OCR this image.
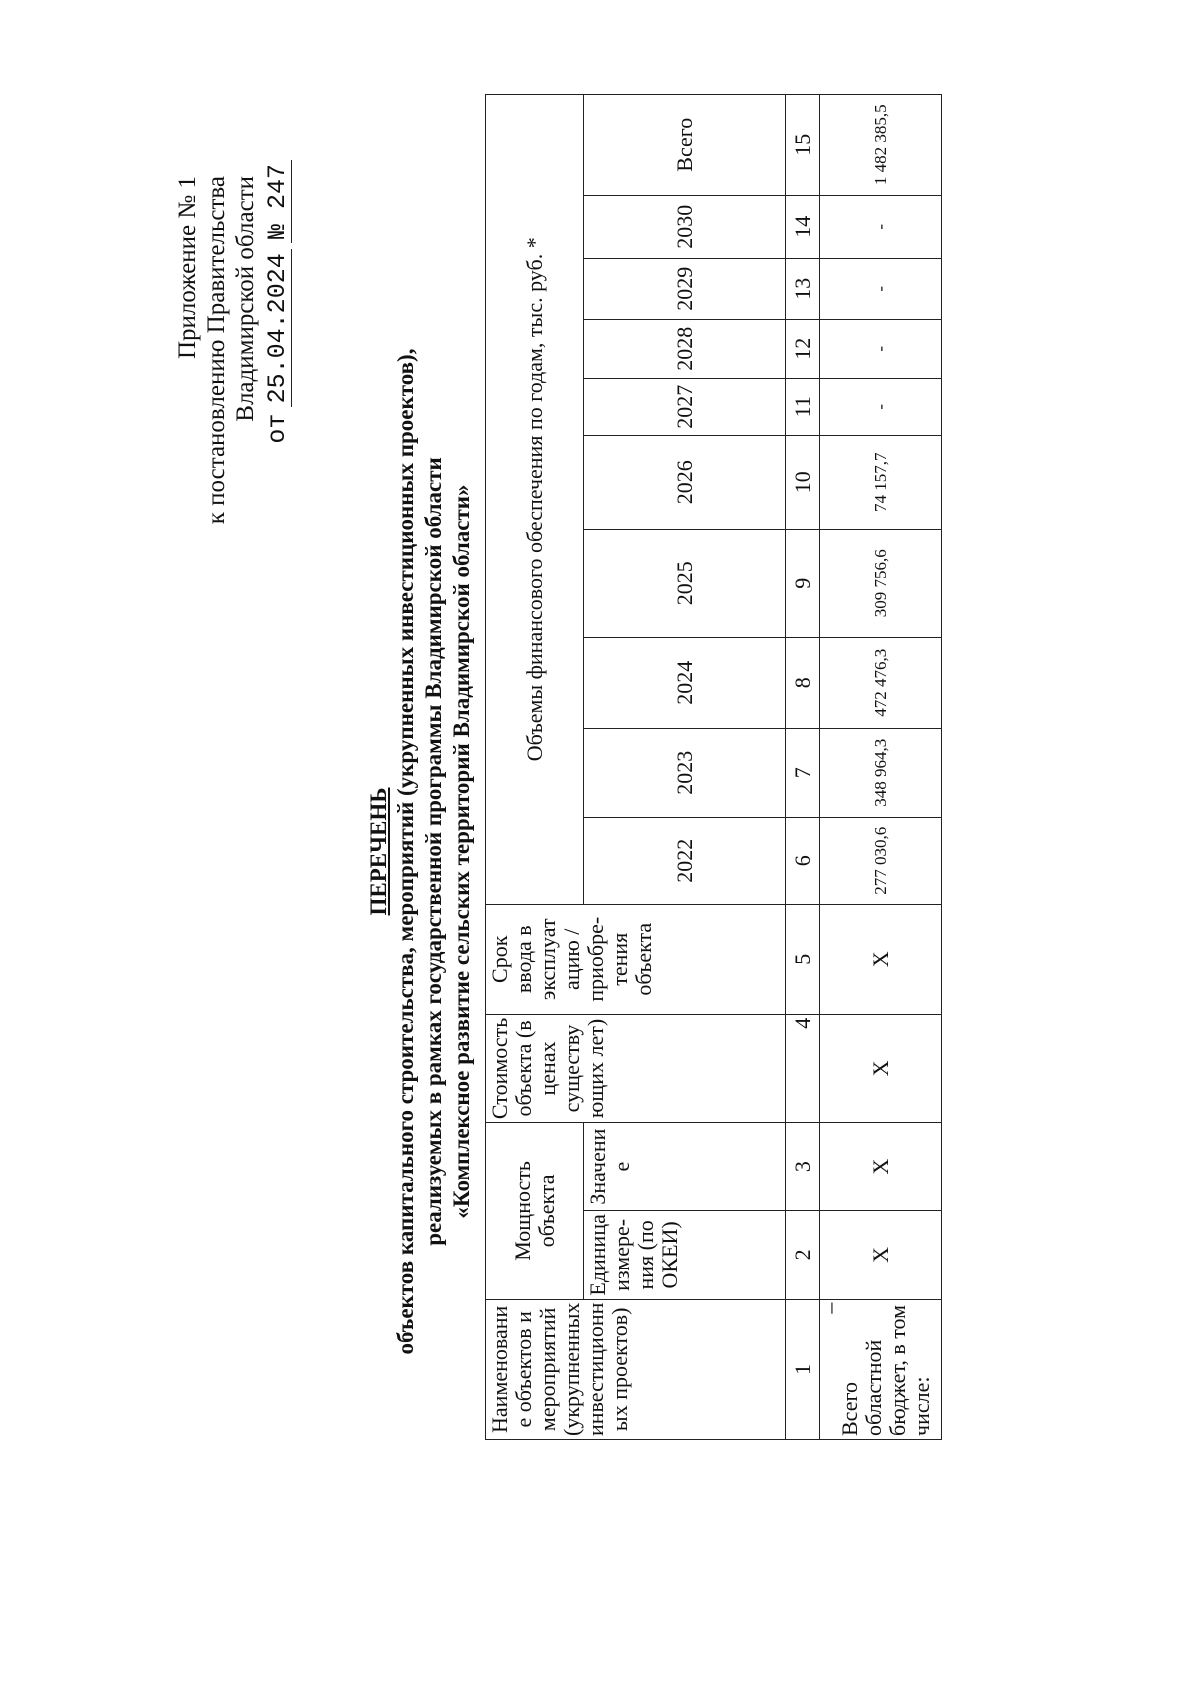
Приложение № 1 к постановлению Правительства Владимирской области
от 25.04.2024 № 247
ПЕРЕЧЕНЬ объектов капитального строительства, мероприятий (укрупненных инвестиционных проектов), реализуемых в рамках государственной программы Владимирской области «Комплексное развитие сельских территорий Владимирской области»
Наименовани е объектов и мероприятий (укрупненных инвестиционн ых проектов)	Мощность объекта		Стоимость объекта (в ценах существу ющих лет)	Срок ввода в эксплуат ацию / приобре- тения объекта	Объемы финансового обеспечения по годам, тыс. руб. *									
	Единица измере- ния (по ОКЕИ)	Значени е			2022	2023	2024	2025	2026	2027	2028	2029	2030	Всего

1	2	3	4	5	6	7	8	9	10	11	12	13	14	15

–
Всего областной бюджет, в том числе:	Х	Х	Х	Х	277 030,6	348 964,3	472 476,3	309 756,6	74 157,7	-	-	-	-	1 482 385,5
